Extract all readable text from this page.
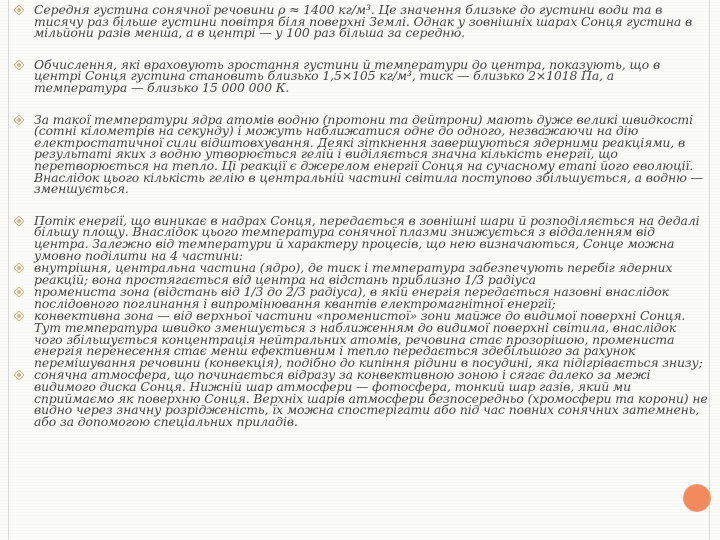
Середня густина сонячної речовини ρ ≈ 1400 кг/м³. Це значення близьке до густини води та в тисячу раз більше густини повітря біля поверхні Землі. Однак у зовнішніх шарах Сонця густина в мільйони разів менша, а в центрі — у 100 раз більша за середню.
Обчислення, які враховують зростання густини й температури до центра, показують, що в центрі Сонця густина становить близько 1,5×105 кг/м³, тиск — близько 2×1018 Па, а температура — близько 15 000 000 К.
За такої температури ядра атомів водню (протони та дейтрони) мають дуже великі швидкості (сотні кілометрів на секунду) і можуть наближатися одне до одного, незважаючи на дію електростатичної сили відштовхування. Деякі зіткнення завершуються ядерними реакціями, в результаті яких з водню утворюється гелій і виділяється значна кількість енергії, що перетворюється на тепло. Ці реакції є джерелом енергії Сонця на сучасному етапі його еволюції. Внаслідок цього кількість гелію в центральній частині світила поступово збільшується, а водню — зменшується.
Потік енергії, що виникає в надрах Сонця, передається в зовнішні шари й розподіляється на дедалі більшу площу. Внаслідок цього температура сонячної плазми знижується з віддаленням від центра. Залежно від температури й характеру процесів, що нею визначаються, Сонце можна умовно поділити на 4 частини:
внутрішня, центральна частина (ядро), де тиск і температура забезпечують перебіг ядерних реакцій; вона простягається від центра на відстань приблизно 1/3 радіуса
промениста зона (відстань від 1/3 до 2/3 радіуса), в якій енергія передається назовні внаслідок послідовного поглинання і випромінювання квантів електромагнітної енергії;
конвективна зона — від верхньої частини «променистої» зони майже до видимої поверхні Сонця. Тут температура швидко зменшується з наближенням до видимої поверхні світила, внаслідок чого збільшується концентрація нейтральних атомів, речовина стає прозорішою, промениста енергія перенесення стає менш ефективним і тепло передається здебільшого за рахунок перемішування речовини (конвекція), подібно до кипіння рідини в посудині, яка підігрівається знизу;
сонячна атмосфера, що починається відразу за конвективною зоною і сягає далеко за межі видимого диска Сонця. Нижній шар атмосфери — фотосфера, тонкий шар газів, який ми сприймаємо як поверхню Сонця. Верхніх шарів атмосфери безпосередньо (хромосфери та корони) не видно через значну розрідженість, їх можна спостерігати або під час повних сонячних затемнень, або за допомогою спеціальних приладів.
